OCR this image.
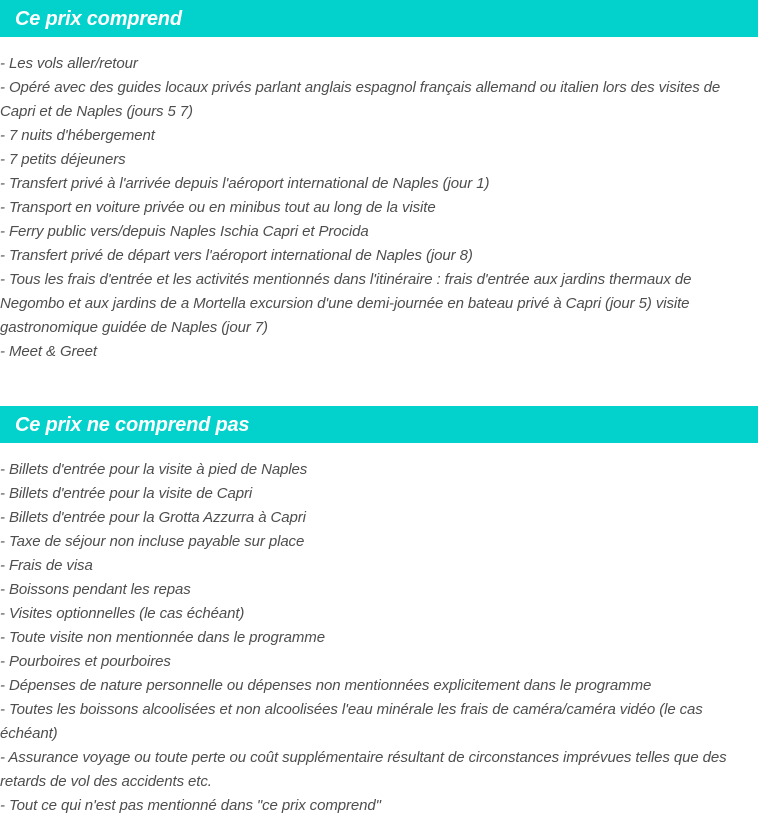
Ce prix comprend
- Les vols aller/retour
- Opéré avec des guides locaux privés parlant anglais espagnol français allemand ou italien lors des visites de Capri et de Naples (jours 5 7)
- 7 nuits d'hébergement
- 7 petits déjeuners
- Transfert privé à l'arrivée depuis l'aéroport international de Naples (jour 1)
- Transport en voiture privée ou en minibus tout au long de la visite
- Ferry public vers/depuis Naples Ischia Capri et Procida
- Transfert privé de départ vers l'aéroport international de Naples (jour 8)
- Tous les frais d'entrée et les activités mentionnés dans l'itinéraire : frais d'entrée aux jardins thermaux de Negombo et aux jardins de a Mortella excursion d'une demi-journée en bateau privé à Capri (jour 5) visite gastronomique guidée de Naples (jour 7)
- Meet & Greet
Ce prix ne comprend pas
- Billets d'entrée pour la visite à pied de Naples
- Billets d'entrée pour la visite de Capri
- Billets d'entrée pour la Grotta Azzurra à Capri
- Taxe de séjour non incluse payable sur place
- Frais de visa
- Boissons pendant les repas
- Visites optionnelles (le cas échéant)
- Toute visite non mentionnée dans le programme
- Pourboires et pourboires
- Dépenses de nature personnelle ou dépenses non mentionnées explicitement dans le programme
- Toutes les boissons alcoolisées et non alcoolisées l'eau minérale les frais de caméra/caméra vidéo (le cas échéant)
- Assurance voyage ou toute perte ou coût supplémentaire résultant de circonstances imprévues telles que des retards de vol des accidents etc.
- Tout ce qui n'est pas mentionné dans "ce prix comprend"
